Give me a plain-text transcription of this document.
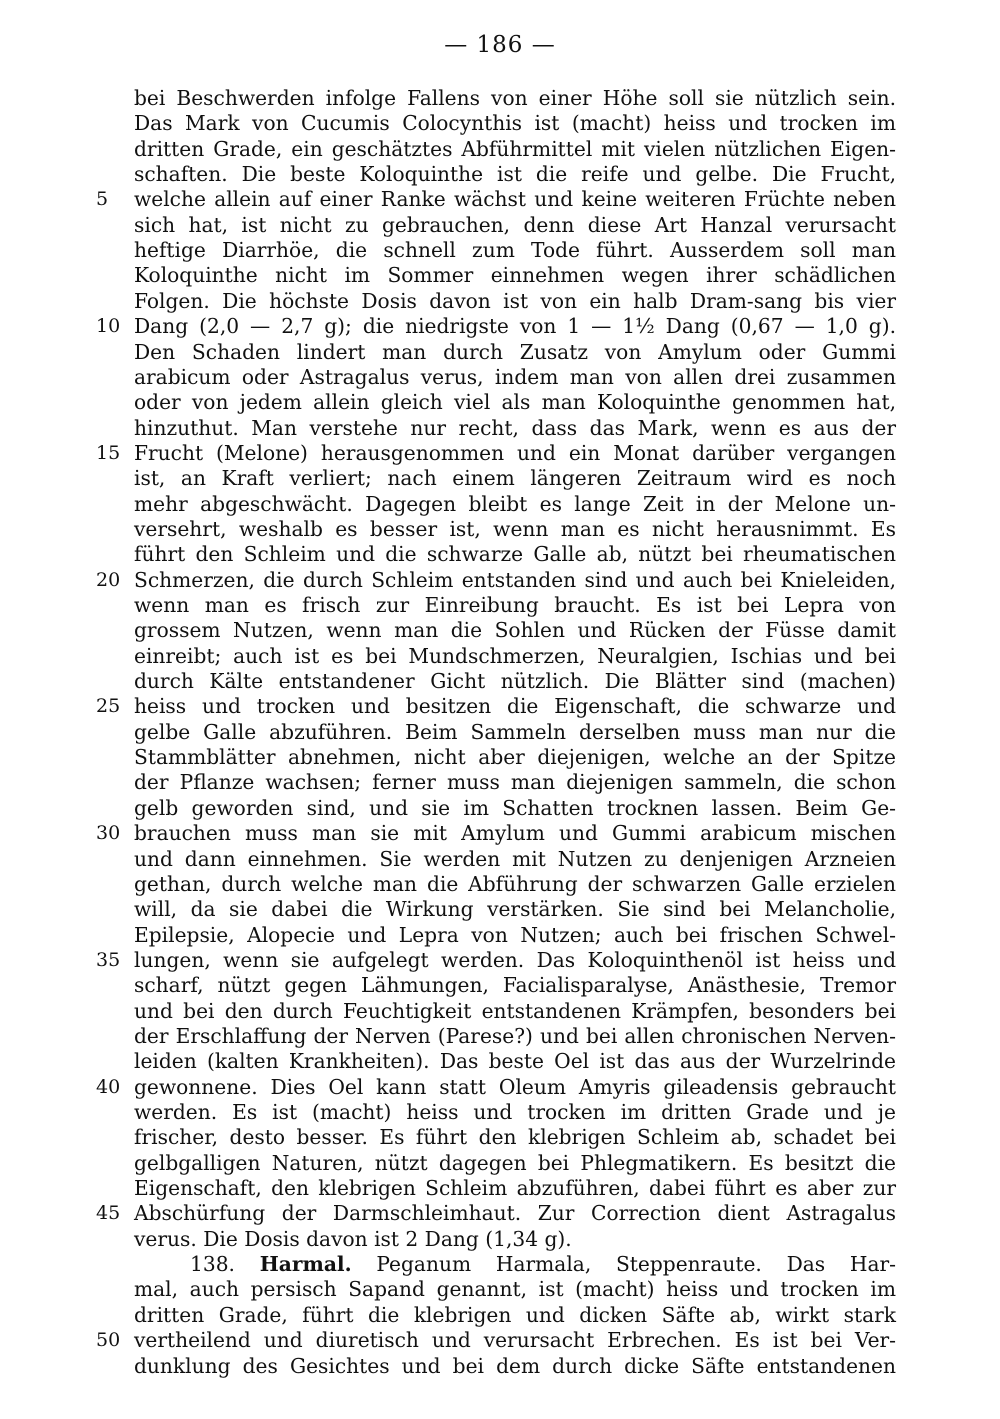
— 186 —
bei Beschwerden infolge Fallens von einer Höhe soll sie nützlich sein.
Das Mark von Cucumis Colocynthis ist (macht) heiss und trocken im
dritten Grade, ein geschätztes Abführmittel mit vielen nützlichen Eigen-
schaften. Die beste Koloquinthe ist die reife und gelbe. Die Frucht,
5	welche allein auf einer Ranke wächst und keine weiteren Früchte neben
sich hat, ist nicht zu gebrauchen, denn diese Art Hanzal verursacht
heftige Diarrhöe, die schnell zum Tode führt. Ausserdem soll man
Koloquinthe nicht im Sommer einnehmen wegen ihrer schädlichen
Folgen. Die höchste Dosis davon ist von ein halb Dram-sang bis vier
10 Dang (2,0 — 2,7 g); die niedrigste von 1 — 1½ Dang (0,67 — 1,0 g).
Den Schaden lindert man durch Zusatz von Amylum oder Gummi
arabicum oder Astragalus verus, indem man von allen drei zusammen
oder von jedem allein gleich viel als man Koloquinthe genommen hat,
hinzuthut. Man verstehe nur recht, dass das Mark, wenn es aus der
15 Frucht (Melone) herausgenommen und ein Monat darüber vergangen
ist, an Kraft verliert; nach einem längeren Zeitraum wird es noch
mehr abgeschwächt. Dagegen bleibt es lange Zeit in der Melone un-
versehrt, weshalb es besser ist, wenn man es nicht herausnimmt. Es
führt den Schleim und die schwarze Galle ab, nützt bei rheumatischen
20 Schmerzen, die durch Schleim entstanden sind und auch bei Knieleiden,
wenn man es frisch zur Einreibung braucht. Es ist bei Lepra von
grossem Nutzen, wenn man die Sohlen und Rücken der Füsse damit
einreibt; auch ist es bei Mundschmerzen, Neuralgien, Ischias und bei
durch Kälte entstandener Gicht nützlich. Die Blätter sind (machen)
25 heiss und trocken und besitzen die Eigenschaft, die schwarze und
gelbe Galle abzuführen. Beim Sammeln derselben muss man nur die
Stammblätter abnehmen, nicht aber diejenigen, welche an der Spitze
der Pflanze wachsen; ferner muss man diejenigen sammeln, die schon
gelb geworden sind, und sie im Schatten trocknen lassen. Beim Ge-
30 brauchen muss man sie mit Amylum und Gummi arabicum mischen
und dann einnehmen. Sie werden mit Nutzen zu denjenigen Arzneien
gethan, durch welche man die Abführung der schwarzen Galle erzielen
will, da sie dabei die Wirkung verstärken. Sie sind bei Melancholie,
Epilepsie, Alopecie und Lepra von Nutzen; auch bei frischen Schwel-
35 lungen, wenn sie aufgelegt werden. Das Koloquinthenöl ist heiss und
scharf, nützt gegen Lähmungen, Facialisparalyse, Anästhesie, Tremor
und bei den durch Feuchtigkeit entstandenen Krämpfen, besonders bei
der Erschlaffung der Nerven (Parese?) und bei allen chronischen Nerven-
leiden (kalten Krankheiten). Das beste Oel ist das aus der Wurzelrinde
40 gewonnene. Dies Oel kann statt Oleum Amyris gileadensis gebraucht
werden. Es ist (macht) heiss und trocken im dritten Grade und je
frischer, desto besser. Es führt den klebrigen Schleim ab, schadet bei
gelbgalligen Naturen, nützt dagegen bei Phlegmatikern. Es besitzt die
Eigenschaft, den klebrigen Schleim abzuführen, dabei führt es aber zur
45 Abschürfung der Darmschleimhaut. Zur Correction dient Astragalus
verus. Die Dosis davon ist 2 Dang (1,34 g).
138. Harmal. Peganum Harmala, Steppenraute. Das Har-
mal, auch persisch Sapand genannt, ist (macht) heiss und trocken im
dritten Grade, führt die klebrigen und dicken Säfte ab, wirkt stark
50 vertheilend und diuretisch und verursacht Erbrechen. Es ist bei Ver-
dunklung des Gesichtes und bei dem durch dicke Säfte entstandenen
